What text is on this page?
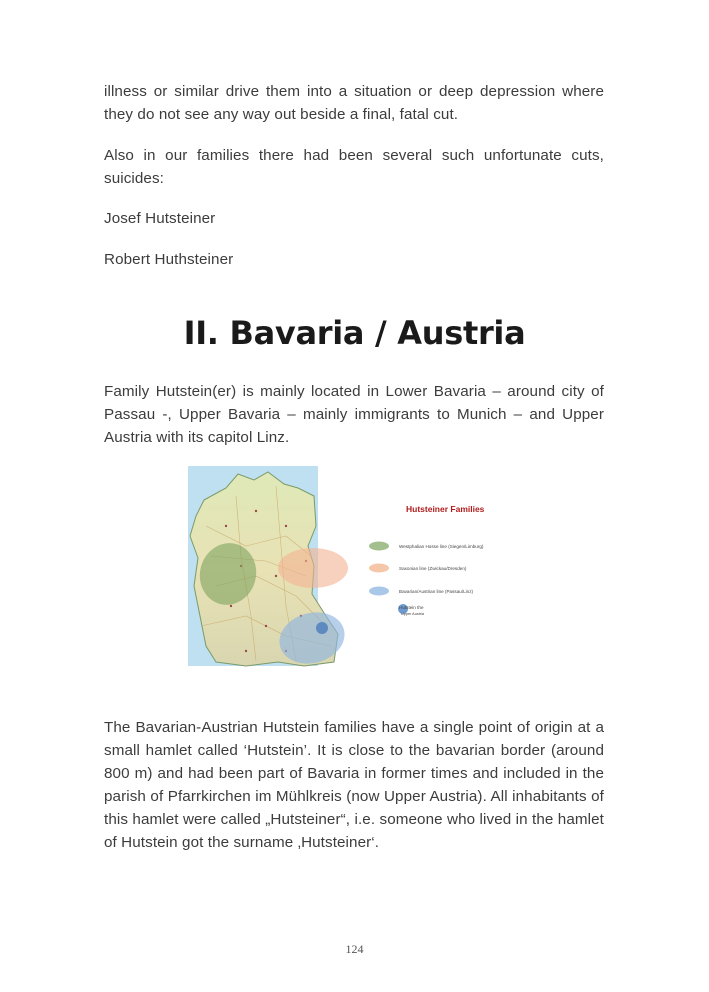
illness or similar drive them into a situation or deep depression where they do not see any way out beside a final, fatal cut.

Also in our families there had been several such unfortunate cuts, suicides:

Josef Hutsteiner

Robert Huthsteiner

II. Bavaria / Austria

Family Hutstein(er) is mainly located in Lower Bavaria – around city of Passau -, Upper Bavaria – mainly immigrants to Munich – and Upper Austria with its capitol Linz.

Hutsteiner Families
Westphalian Hosse line (Siegen/Limburg)
Saxonian line (Zwickau/Dresden)
Bavarian/Austrian line (Passau/Linz)
Hutstein the
Upper Austria

The Bavarian-Austrian Hutstein families have a single point of origin at a small hamlet called ‘Hutstein’. It is close to the bavarian border (around 800 m) and had been part of Bavaria in former times and included in the parish of Pfarrkirchen im Mühlkreis (now Upper Austria). All inhabitants of this hamlet were called „Hutsteiner“, i.e. someone who lived in the hamlet of Hutstein got the surname ‚Hutsteiner‘.

124
